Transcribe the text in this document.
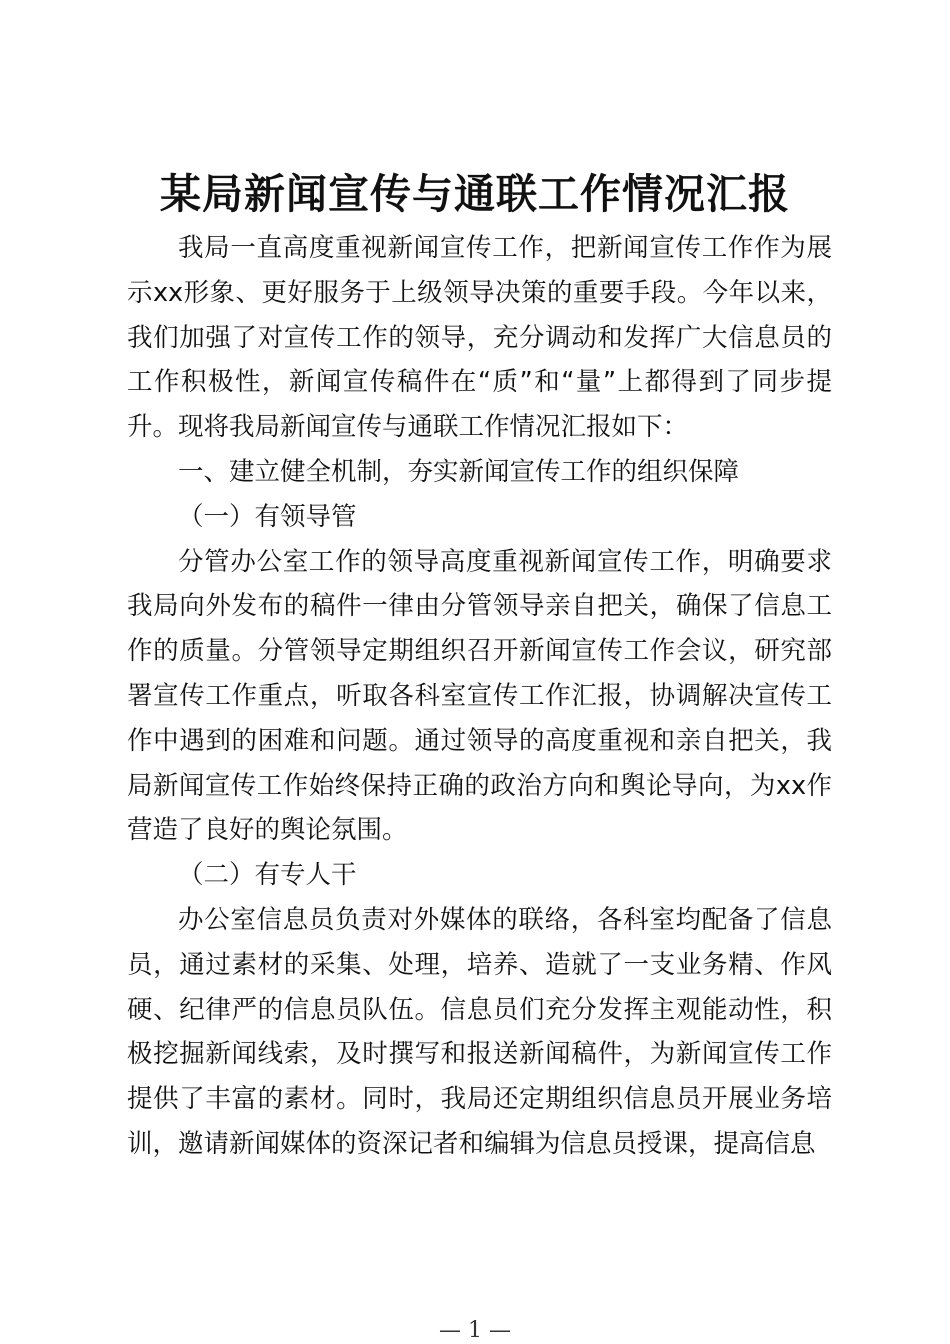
某局新闻宣传与通联工作情况汇报

我局一直高度重视新闻宣传工作，把新闻宣传工作作为展示xx形象、更好服务于上级领导决策的重要手段。今年以来，我们加强了对宣传工作的领导，充分调动和发挥广大信息员的工作积极性，新闻宣传稿件在“质”和“量”上都得到了同步提升。现将我局新闻宣传与通联工作情况汇报如下：

一、建立健全机制，夯实新闻宣传工作的组织保障

（一）有领导管

分管办公室工作的领导高度重视新闻宣传工作，明确要求我局向外发布的稿件一律由分管领导亲自把关，确保了信息工作的质量。分管领导定期组织召开新闻宣传工作会议，研究部署宣传工作重点，听取各科室宣传工作汇报，协调解决宣传工作中遇到的困难和问题。通过领导的高度重视和亲自把关，我局新闻宣传工作始终保持正确的政治方向和舆论导向，为xx作营造了良好的舆论氛围。

（二）有专人干

办公室信息员负责对外媒体的联络，各科室均配备了信息员，通过素材的采集、处理，培养、造就了一支业务精、作风硬、纪律严的信息员队伍。信息员们充分发挥主观能动性，积极挖掘新闻线索，及时撰写和报送新闻稿件，为新闻宣传工作提供了丰富的素材。同时，我局还定期组织信息员开展业务培训，邀请新闻媒体的资深记者和编辑为信息员授课，提高信息

— 1 —
